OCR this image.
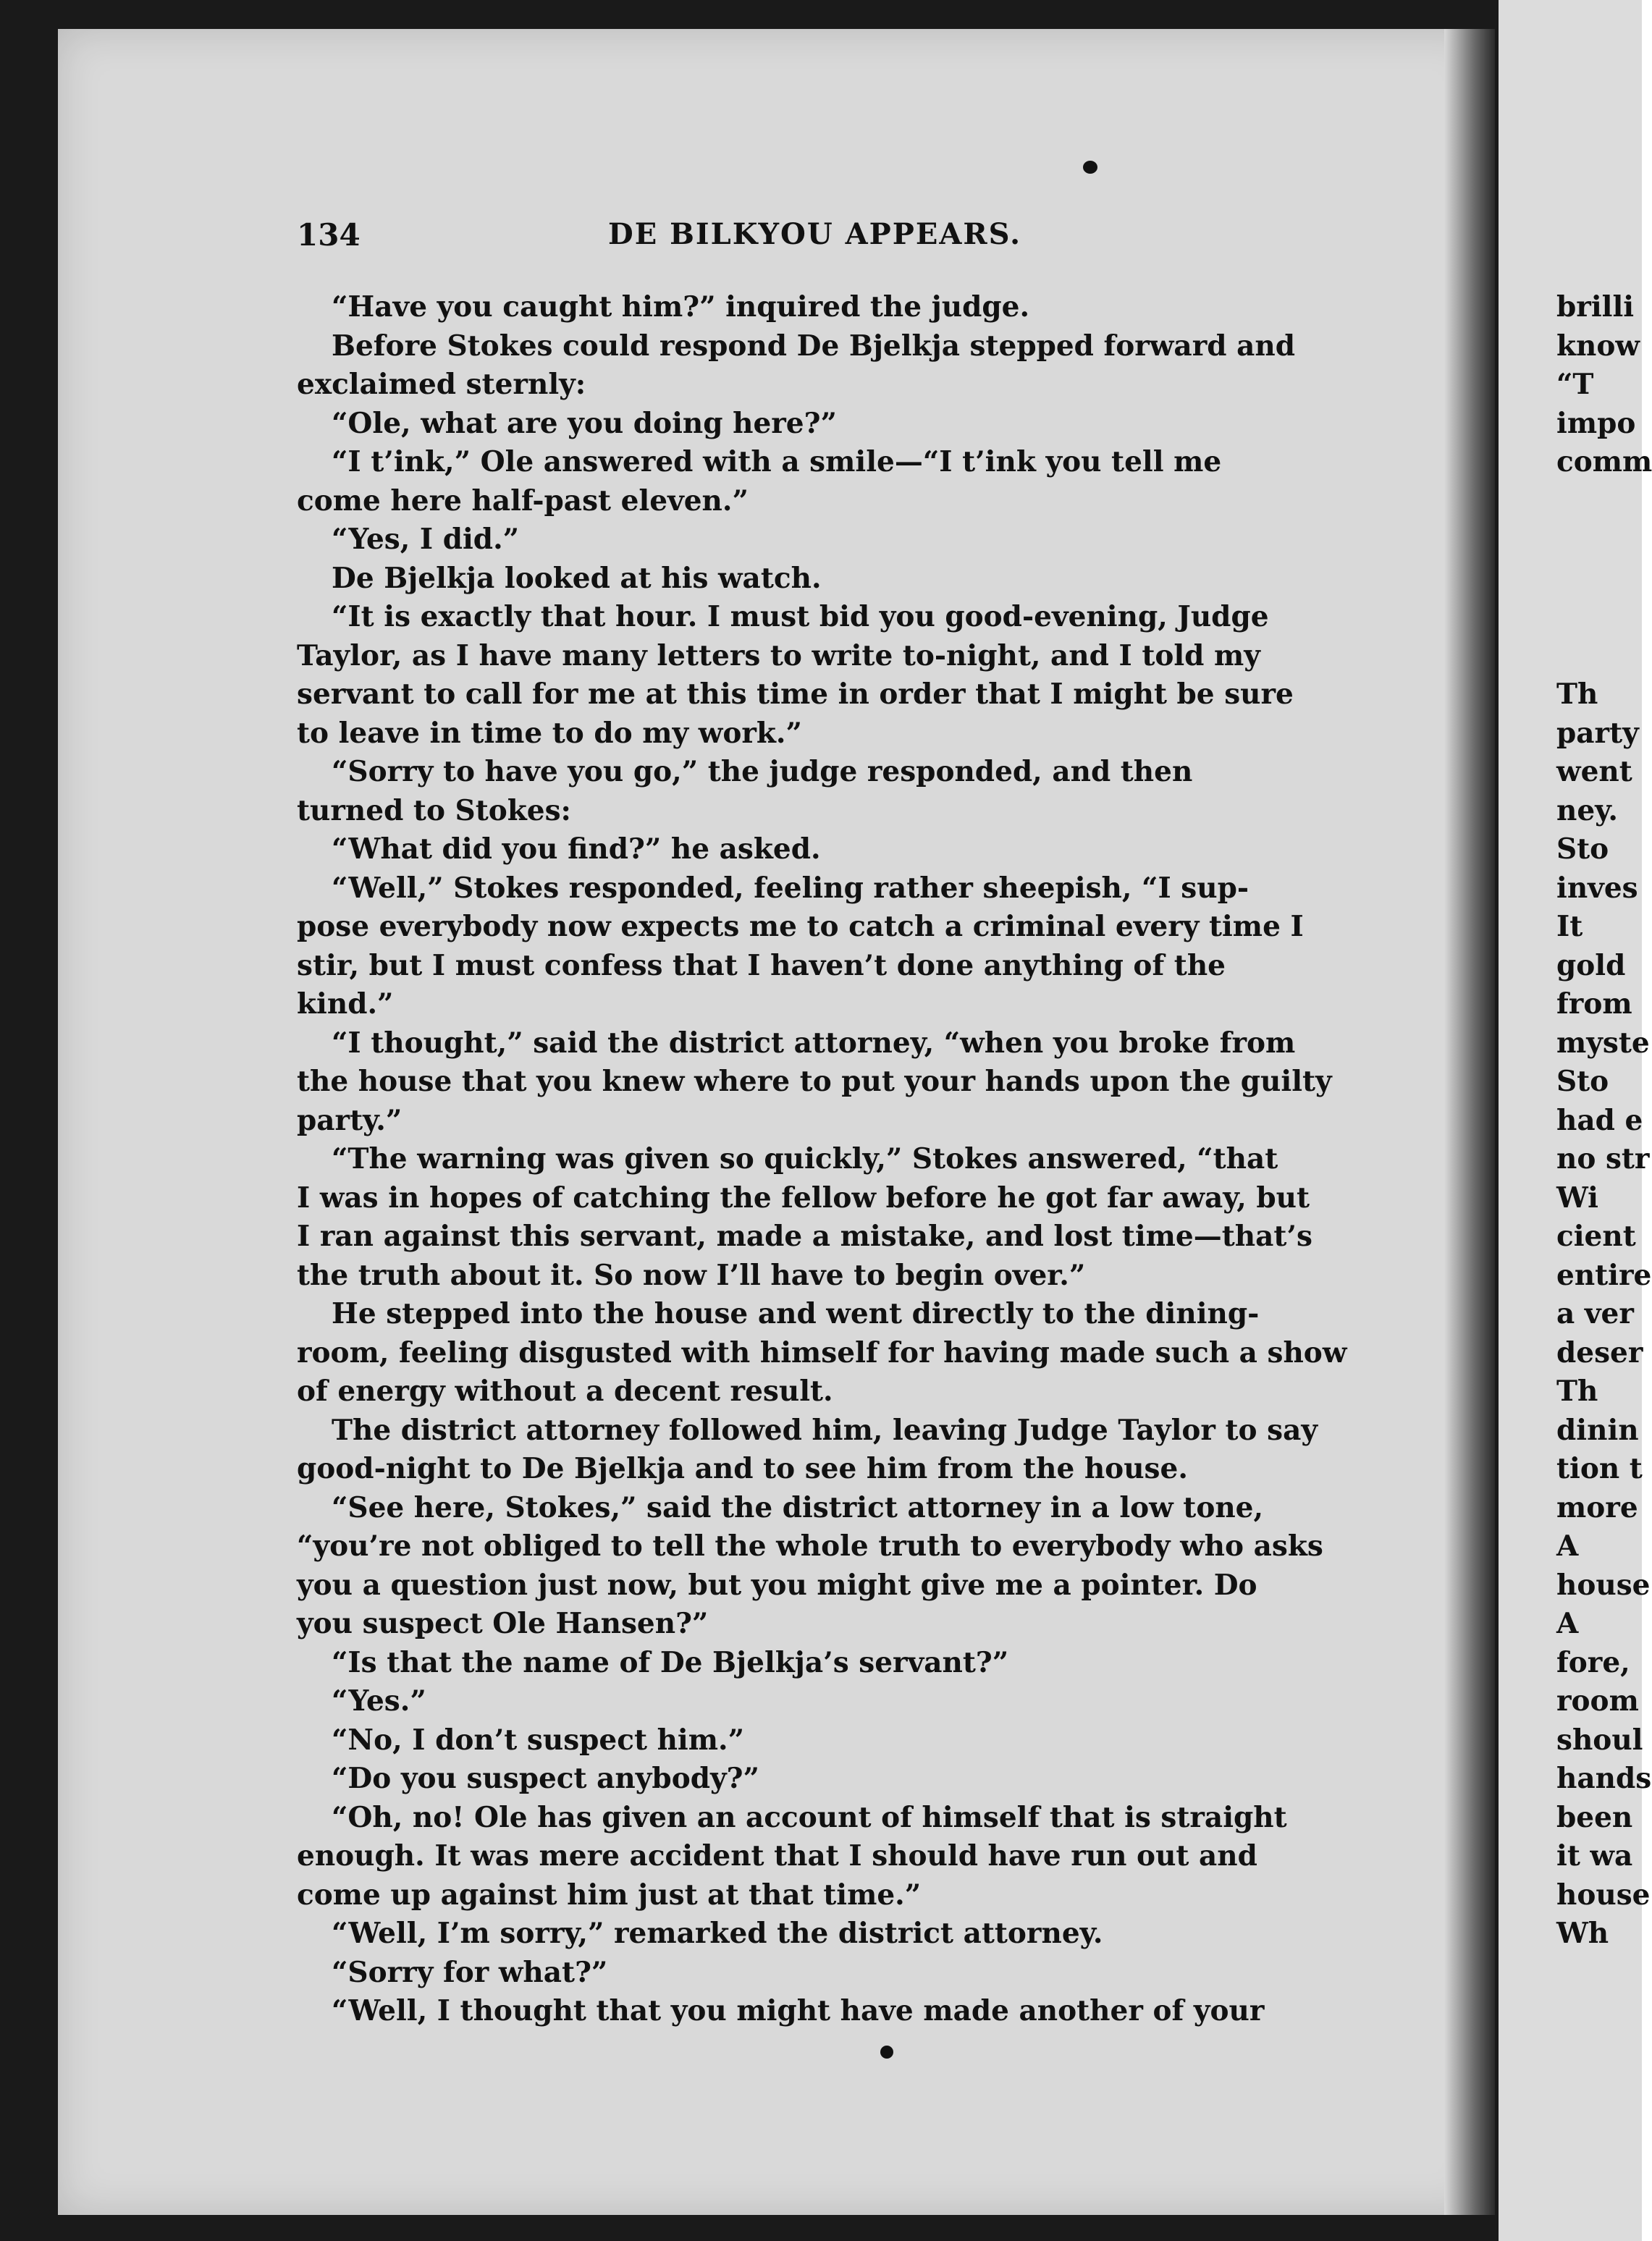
134	DE BILKYOU APPEARS.
“Have you caught him?” inquired the judge.
Before Stokes could respond De Bjelkja stepped forward and
exclaimed sternly:
“Ole, what are you doing here?”
“I t’ink,” Ole answered with a smile—“I t’ink you tell me
come here half-past eleven.”
“Yes, I did.”
De Bjelkja looked at his watch.
“It is exactly that hour. I must bid you good-evening, Judge
Taylor, as I have many letters to write to-night, and I told my
servant to call for me at this time in order that I might be sure
to leave in time to do my work.”
“Sorry to have you go,” the judge responded, and then
turned to Stokes:
“What did you find?” he asked.
“Well,” Stokes responded, feeling rather sheepish, “I sup-
pose everybody now expects me to catch a criminal every time I
stir, but I must confess that I haven’t done anything of the
kind.”
“I thought,” said the district attorney, “when you broke from
the house that you knew where to put your hands upon the guilty
party.”
“The warning was given so quickly,” Stokes answered, “that
I was in hopes of catching the fellow before he got far away, but
I ran against this servant, made a mistake, and lost time—that’s
the truth about it. So now I’ll have to begin over.”
He stepped into the house and went directly to the dining-
room, feeling disgusted with himself for having made such a show
of energy without a decent result.
The district attorney followed him, leaving Judge Taylor to say
good-night to De Bjelkja and to see him from the house.
“See here, Stokes,” said the district attorney in a low tone,
“you’re not obliged to tell the whole truth to everybody who asks
you a question just now, but you might give me a pointer. Do
you suspect Ole Hansen?”
“Is that the name of De Bjelkja’s servant?”
“Yes.”
“No, I don’t suspect him.”
“Do you suspect anybody?”
“Oh, no! Ole has given an account of himself that is straight
enough. It was mere accident that I should have run out and
come up against him just at that time.”
“Well, I’m sorry,” remarked the district attorney.
“Sorry for what?”
“Well, I thought that you might have made another of your
brilli
know
“T
impo
comm
Th
party
went
ney.
Sto
inves
It
gold
from
myste
Sto
had e
no str
Wi
cient
entire
a ver
deser
Th
dinin
tion t
more
A
house
A
fore,
room
shoul
hands
been
it wa
house
Wh
